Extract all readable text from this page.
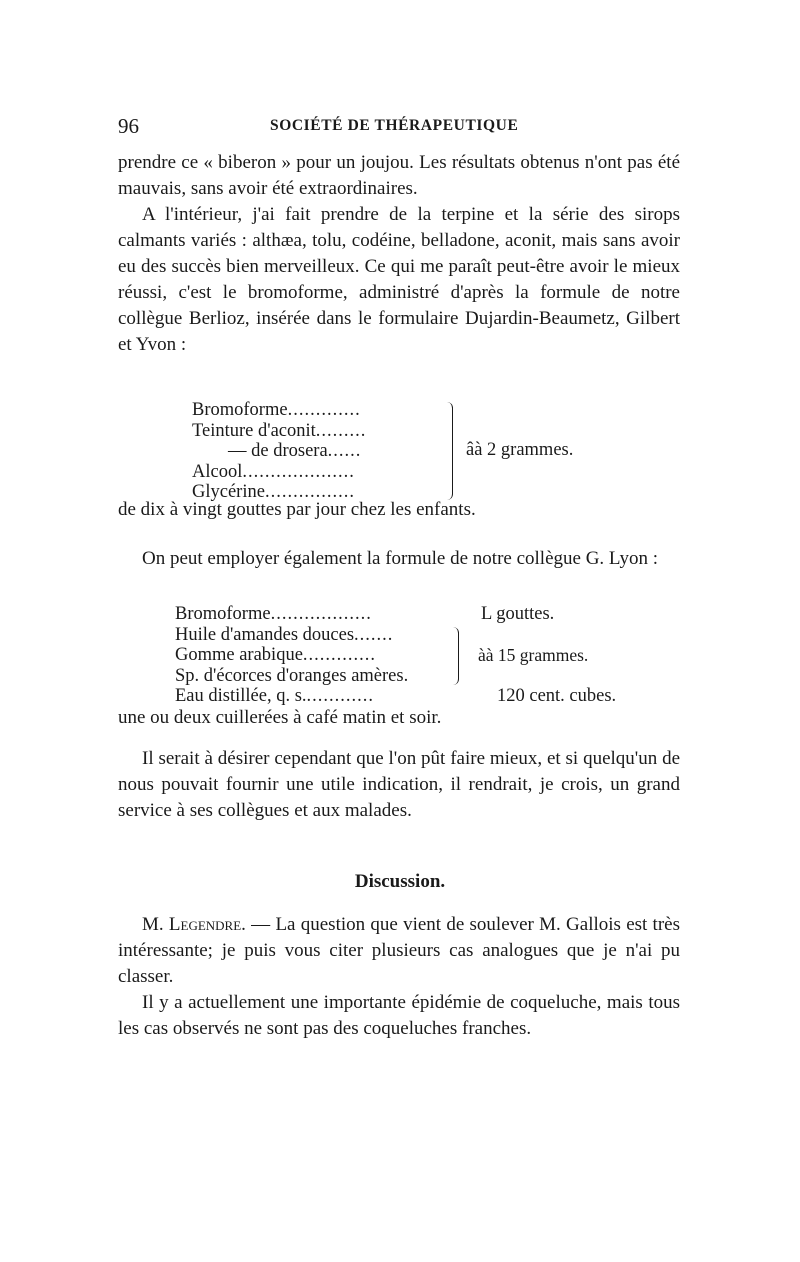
96	SOCIÉTÉ DE THÉRAPEUTIQUE

prendre ce « biberon » pour un joujou. Les résultats obtenus n'ont pas été mauvais, sans avoir été extraordinaires.

A l'intérieur, j'ai fait prendre de la terpine et la série des sirops calmants variés : althæa, tolu, codéine, belladone, aconit, mais sans avoir eu des succès bien merveilleux. Ce qui me paraît peut-être avoir le mieux réussi, c'est le bromoforme, administré d'après la formule de notre collègue Berlioz, insérée dans le formulaire Dujardin-Beaumetz, Gilbert et Yvon :

Bromoforme.............
Teinture d'aconit.........
— de drosera......
Alcool....................
Glycérine................
âà 2 grammes.

de dix à vingt gouttes par jour chez les enfants.

On peut employer également la formule de notre collègue G. Lyon :

Bromoforme..................
Huile d'amandes douces.......
Gomme arabique.............
Sp. d'écorces d'oranges amères.
Eau distillée, q. s.............
L gouttes.
àà 15 grammes.
120 cent. cubes.

une ou deux cuillerées à café matin et soir.

Il serait à désirer cependant que l'on pût faire mieux, et si quelqu'un de nous pouvait fournir une utile indication, il rendrait, je crois, un grand service à ses collègues et aux malades.

Discussion.

M. Legendre. — La question que vient de soulever M. Gallois est très intéressante; je puis vous citer plusieurs cas analogues que je n'ai pu classer.

Il y a actuellement une importante épidémie de coqueluche, mais tous les cas observés ne sont pas des coqueluches franches.
